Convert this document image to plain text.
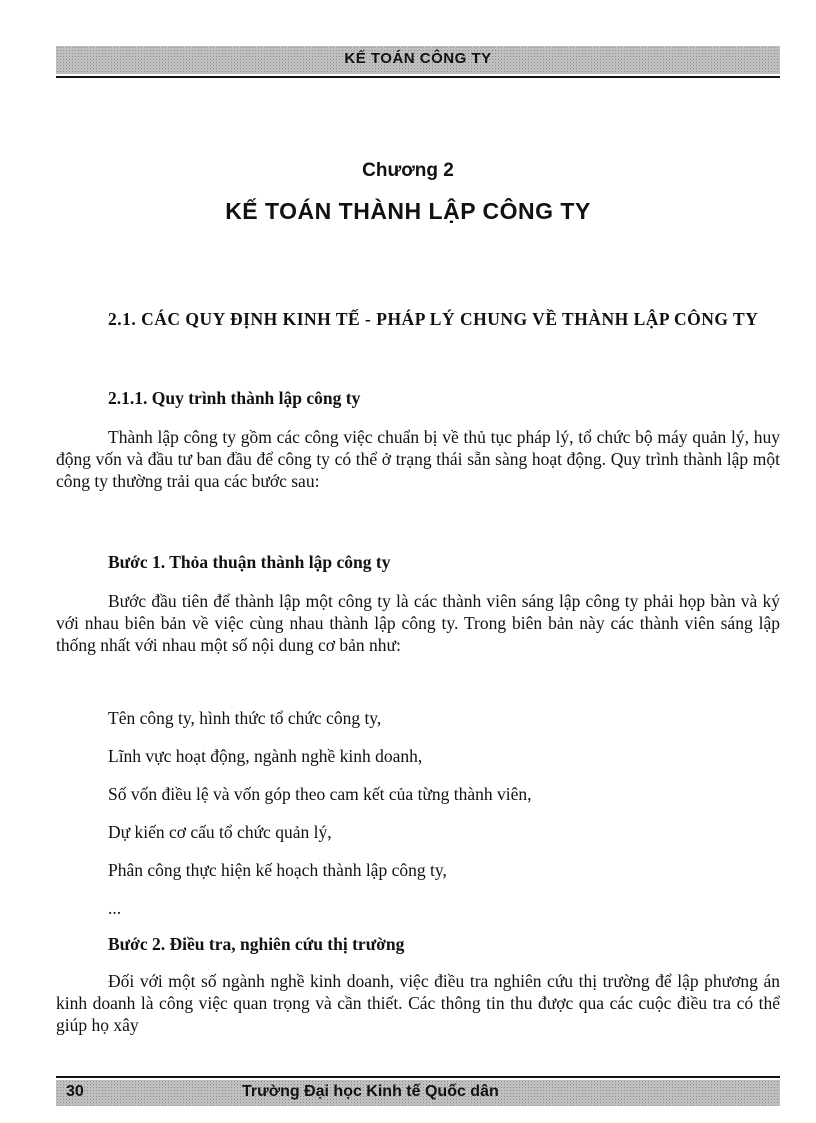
KẾ TOÁN CÔNG TY
Chương 2
KẾ TOÁN THÀNH LẬP CÔNG TY
2.1. CÁC QUY ĐỊNH KINH TẾ - PHÁP LÝ CHUNG VỀ THÀNH LẬP CÔNG TY
2.1.1. Quy trình thành lập công ty
Thành lập công ty gồm các công việc chuẩn bị về thủ tục pháp lý, tổ chức bộ máy quản lý, huy động vốn và đầu tư ban đầu để công ty có thể ở trạng thái sẵn sàng hoạt động. Quy trình thành lập một công ty thường trải qua các bước sau:
Bước 1. Thỏa thuận thành lập công ty
Bước đầu tiên để thành lập một công ty là các thành viên sáng lập công ty phải họp bàn và ký với nhau biên bản về việc cùng nhau thành lập công ty. Trong biên bản này các thành viên sáng lập thống nhất với nhau một số nội dung cơ bản như:
Tên công ty, hình thức tổ chức công ty,
Lĩnh vực hoạt động, ngành nghề kinh doanh,
Số vốn điều lệ và vốn góp theo cam kết của từng thành viên,
Dự kiến cơ cấu tổ chức quản lý,
Phân công thực hiện kế hoạch thành lập công ty,
...
Bước 2. Điều tra, nghiên cứu thị trường
Đối với một số ngành nghề kinh doanh, việc điều tra nghiên cứu thị trường để lập phương án kinh doanh là công việc quan trọng và cần thiết. Các thông tin thu được qua các cuộc điều tra có thể giúp họ xây
30	Trường Đại học Kinh tế Quốc dân
